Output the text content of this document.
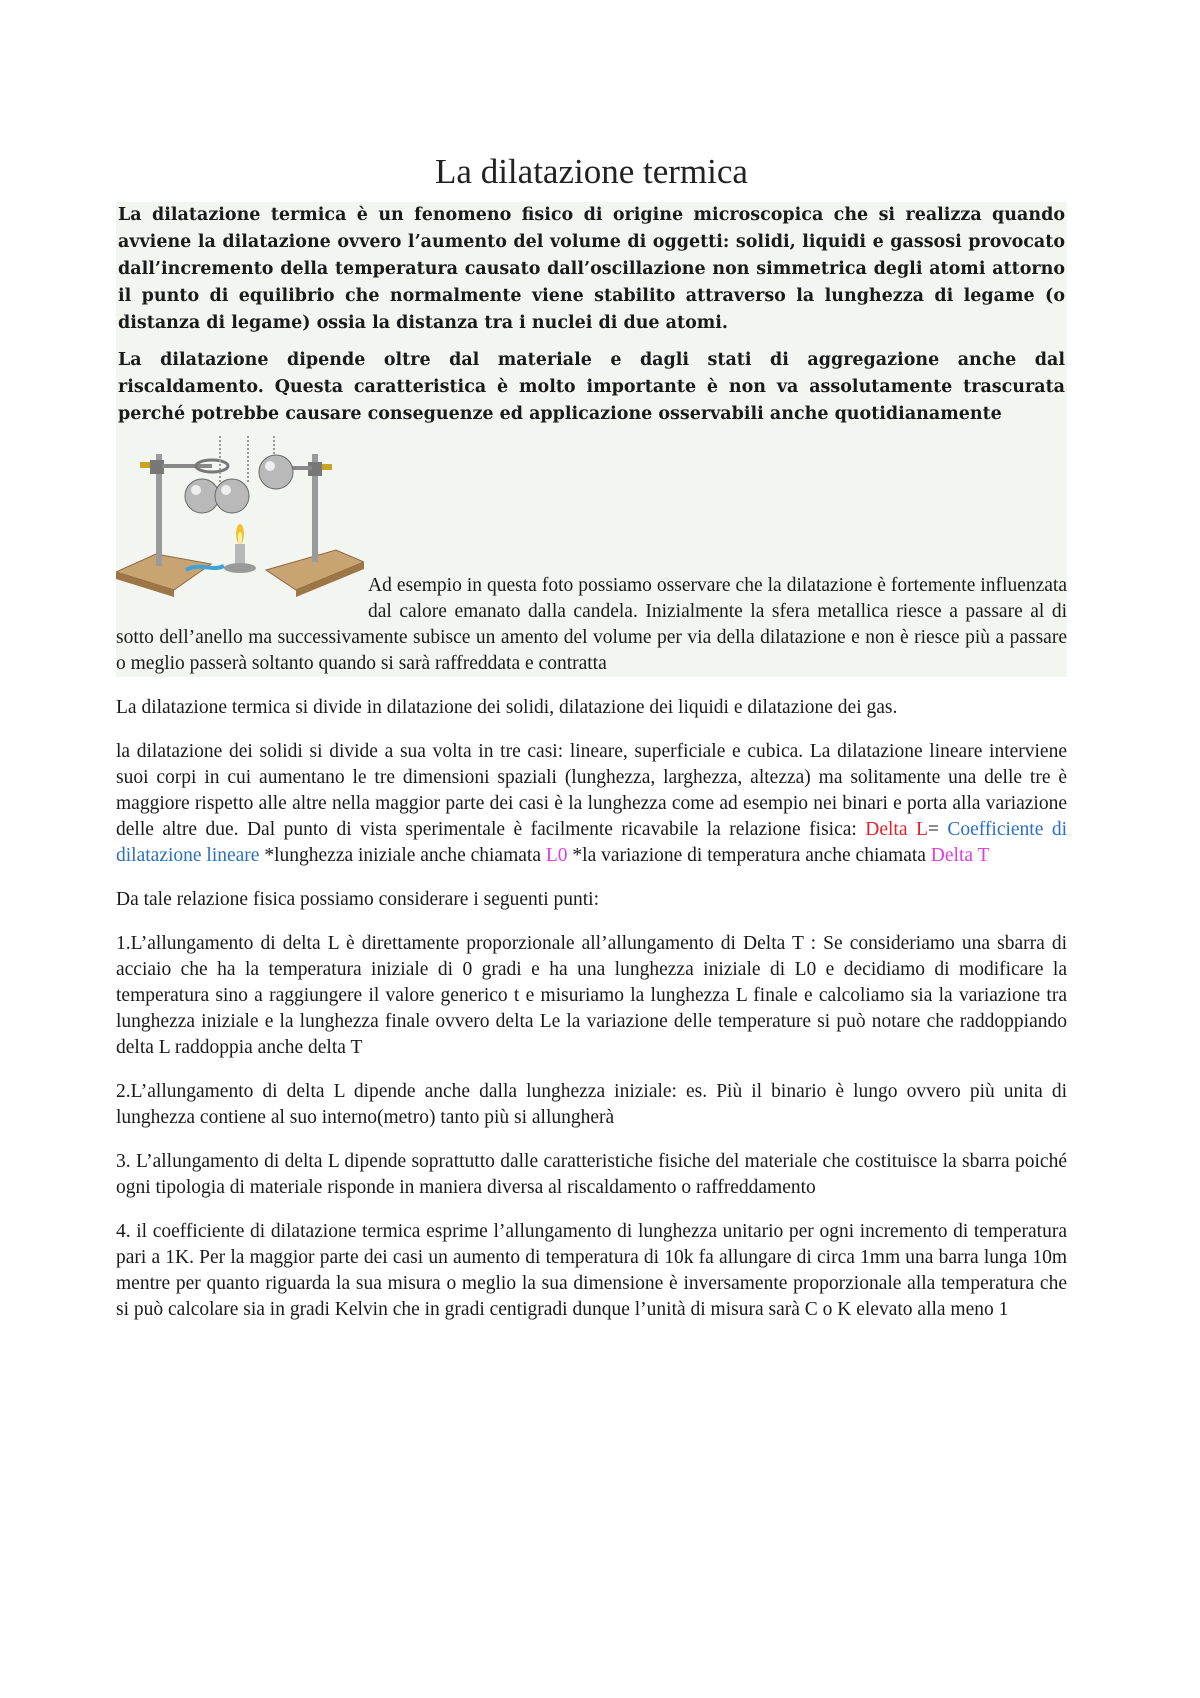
La dilatazione termica

La dilatazione termica è un fenomeno fisico di origine microscopica che si realizza quando avviene la dilatazione ovvero l’aumento del volume di oggetti: solidi, liquidi e gassosi provocato dall’incremento della temperatura causato dall’oscillazione non simmetrica degli atomi attorno il punto di equilibrio che normalmente viene stabilito attraverso la lunghezza di legame (o distanza di legame) ossia la distanza tra i nuclei di due atomi.

La dilatazione dipende oltre dal materiale e dagli stati di aggregazione anche dal riscaldamento. Questa caratteristica è molto importante è non va assolutamente trascurata perché potrebbe causare conseguenze ed applicazione osservabili anche quotidianamente

Ad esempio in questa foto possiamo osservare che la dilatazione è fortemente influenzata dal calore emanato dalla candela. Inizialmente la sfera metallica riesce a passare al di sotto dell’anello ma successivamente subisce un amento del volume per via della dilatazione e non è riesce più a passare o meglio passerà soltanto quando si sarà raffreddata e contratta

La dilatazione termica si divide in dilatazione dei solidi, dilatazione dei liquidi e dilatazione dei gas.

la dilatazione dei solidi si divide a sua volta in tre casi: lineare, superficiale e cubica. La dilatazione lineare interviene suoi corpi in cui aumentano le tre dimensioni spaziali (lunghezza, larghezza, altezza) ma solitamente una delle tre è maggiore rispetto alle altre nella maggior parte dei casi è la lunghezza come ad esempio nei binari e porta alla variazione delle altre due. Dal punto di vista sperimentale è facilmente ricavabile la relazione fisica: Delta L= Coefficiente di dilatazione lineare *lunghezza iniziale anche chiamata L0 *la variazione di temperatura anche chiamata Delta T

Da tale relazione fisica possiamo considerare i seguenti punti:

1.L’allungamento di delta L è direttamente proporzionale all’allungamento di Delta T : Se consideriamo una sbarra di acciaio che ha la temperatura iniziale di 0 gradi e ha una lunghezza iniziale di L0 e decidiamo di modificare la temperatura sino a raggiungere il valore generico t e misuriamo la lunghezza L finale e calcoliamo sia la variazione tra lunghezza iniziale e la lunghezza finale ovvero delta Le la variazione delle temperature si può notare che raddoppiando delta L raddoppia anche delta T

2.L’allungamento di delta L dipende anche dalla lunghezza iniziale: es. Più il binario è lungo ovvero più unita di lunghezza contiene al suo interno(metro) tanto più si allungherà

3. L’allungamento di delta L dipende soprattutto dalle caratteristiche fisiche del materiale che costituisce la sbarra poiché ogni tipologia di materiale risponde in maniera diversa al riscaldamento o raffreddamento

4. il coefficiente di dilatazione termica esprime l’allungamento di lunghezza unitario per ogni incremento di temperatura pari a 1K. Per la maggior parte dei casi un aumento di temperatura di 10k fa allungare di circa 1mm una barra lunga 10m mentre per quanto riguarda la sua misura o meglio la sua dimensione è inversamente proporzionale alla temperatura che si può calcolare sia in gradi Kelvin che in gradi centigradi dunque l’unità di misura sarà C o K elevato alla meno 1
